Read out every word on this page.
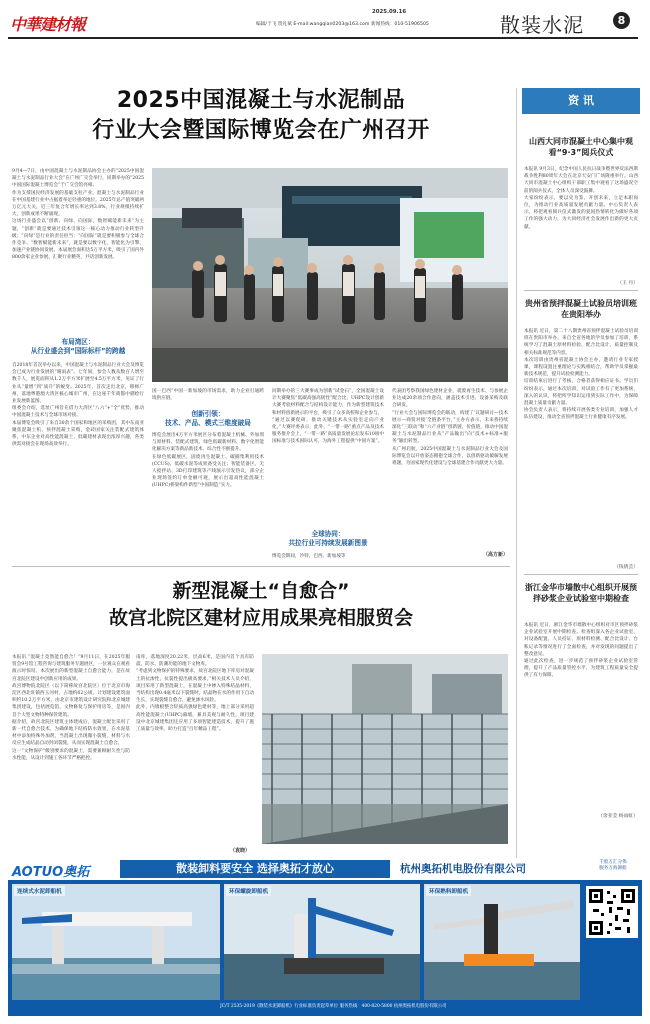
中華建材報
2025.09.16
编辑/于飞 贺礼斌 E-mail:wangqian0203@163.com 新闻热线：010-51906505	散装水泥	8
2025中国混凝土与水泥制品
行业大会暨国际博览会在广州召开
9月4—7日，由中国混凝土与水泥制品协会主办的“2025中国混凝土与水泥制品行业大会”在广州广交会举行，同期举办的“2025中国国际混凝土博览会”于广交会馆亮相。
作为支撑国民经济发展的基础支柱产业，混凝土与水泥制品行业在中国基建行业中占据着举足轻重的地位。2025年总产值突破两万亿元大关，近三年复合年增长率达到3.8%，行业规模持续扩大，创新成果不断涌现。
这场行业盛会以“创新、向绿、向国际，数智赋能新未来”为主题，“创新”就是要通过技术引领这一核心动力推动行业转型升级；“向绿”是行业的责任担当；“向国际”就是要积极参与全球合作竞争。“数智赋能新未来”，就是要以数字化、智能化为引擎，加速产业链协同发展。本届展会面积达5万平方米，吸引了国内外800余家企业参展，汇聚行业精英，共话创新发展。
布局湾区：
从行业盛会到“国际标杆”的跨越
自2018年首次举办以来，中国混凝土与水泥制品行业大会及博览会已成为行业发展的“晴雨表”。七年间，参会人数从数百人增至数千人，展览面积从1.2万平方米扩展至4.5万平方米，见证了行业从“量增”到“质升”的蜕变。2025年，首次走出北京，移师广州，落地粤港澳大湾区核心城市广州，在这座千年商都中描绘行业发展新蓝图。
组委会介绍，选址广州旨在借力大湾区“八六”+“全”优势，推动中国混凝土技术与全球市场对接。
本届博览会吸引了来自30余个国家和地区的采购团，其中东南亚聚焦混凝土机、预拌混凝土采购，金砖国家关注装配式建筑体系，中东企业对高性能混凝土、低碳建材表现出浓厚兴趣，各类供需对接会在现场高效举行。
国一巴西“中国一新加坡的市场需求，助力企业打通跨境供应链。
创新引领：
技术、产品、模式三维度破局
博览会展出4万平方米展区分布着混凝土机械、外加剂与原材料、装配式建筑、绿色低碳新材料、数字化智能化解决方案等新品新技术，综合性不断提升。
在绿色低碳展区，固废再生混凝土、碳捕集利用技术(CCUS)、低碳水泥等成果备受关注；智能装备区，无人搅拌站、3D打印建筑等产线演示引发热议，部分企业现场签约订单金额可观，展示出超高性能混凝土(UHPC)桥梁构件新型“中国制造”实力。
同期举办的三大赛事成为创新“试金石”，全国混凝土设计大赛聚焦“低碳高强高韧性”配合比，UHPC设计创新大赛考验材料配合与结构设计能力，作为新型建筑技术和材料创新展示的平台，吸引了众多高校和企业参与。
“通过以赛促研，推动关键技术从实验室走向产业化，”大赛评委表示，此外，“一带一路”重点产品及技术服务推介会上，“一带一路”高质量发展论坛发布10项中国标准与技术国际认可，为海外工程提供“中国方案”。
全球协同：
共拉行业可持续发展新图景
博览会期间，沙特、巴西、新加坡等
代表团考察我国绿色建材企业，就废再生技术、与参展企业达成20余项合作意向，涵盖技术引进、设备采购及联合研发。
“行业大会与国际博览会的联动，构建了‘议题研讨—技术展示—商贸对接’全链条平台，”主办方表示，未来将持续深化“三联动”和“六产业链”创新链、价值链，推动中国混凝土与水泥制品行业从“产品输出”向“技术+标准+服务”输出转型。
从广州启航，2025中国混凝土与水泥制品行业大会及国际博览会以开放姿态拥抱全球合作，以创新驱动破解发展难题，为国家现代化建设与全球基建合作贡献更大力量。
（高方新）
新型混凝土“自愈合”
故宫北院区建材应用成果亮相服贸会
本报讯 “混凝土竟然能自愈合！”9月11日，在2025年服贸会9号馆工程咨询与建筑服务专题展区，一位观众在观看演示时惊叹。本次展出的新型混凝土自愈合能力，是在故宫北院区建设中创新应用的成果。
故宫博物院北院区（以下简称故宫北院区）位于北京市海淀区西北旺镇西玉河村，占地约62公顷，计划建设建筑面积约10.2万平方米，由北京市建筑设计研究院和北京城建集团建设，包括展览馆、文物修复与保护用房等，是国内首个大型文物特种保管建筑。
据介绍，故宫北院区建筑主体建成后，混凝土配比采用了新一代自愈合技术，为确保地下结构防水效果，在水泥基材中添加特殊外加剂，当混凝土出现微小裂缝，材料与水反应生成结晶自动封闭裂缝，从而实现混凝土自愈合。
这一“文物保护”级别要求的混凝土，需要兼顾耐久性与防水性能，从设计到施工各环节严格把控。
南库，落地深度20.22米，层高6米，是国内首个具有防震、防水、防潮功能的地下文物库。
“考虑到文物保护的特殊要求，故宫北院区地下库房对混凝土的抗渗性、抗裂性提出极高要求。”相关技术人员介绍，项目采用了新型混凝土，在混凝土中掺入特殊结晶材料，当结构出现0.4毫米以下裂缝时，结晶物在水的作用下自动生长，实现裂缝自愈合，避免渗水风险。
此外，内墙板整合轻质高强绿色建材等，地上部分采用超高性能混凝土(UHPC)幕墙，兼具美观与耐久性。项目建设中北京城建集团还应用了多项智能建造技术，提升了施工质量与效率，助力打造“百年精品工程”。
（袁晓）
资 讯
山西大同市混凝土中心集中观看“9·3”阅兵仪式
本报讯 9月3日，纪念中国人民抗日战争暨世界反法西斯战争胜利80周年大会在北京天安门广场隆重举行。山西大同市混凝土中心组织干部职工集中观看了这场盛况空前的阅兵仪式，全体人员深受鼓舞。
大家纷纷表示，要以史为鉴、开创未来，立足本职岗位，为推动行业高质量发展贡献力量。中心负责人表示，将把观看阅兵仪式激发的爱国热情转化为做好各项工作的强大动力，为大同经济社会发展作出新的更大贡献。
（王 丹）
贵州省预拌混凝土试验员培训班在贵阳举办
本报讯 近日，第二十八期贵州省预拌混凝土试验员培训班在贵阳市举办。来自全省各地的学员参加了培训，系统学习了混凝土原材料检验、配合比设计、质量控制及相关标准规范等内容。
本次培训由贵州省混凝土协会主办，邀请行业专家授课，课程设置注重理论与实践相结合，帮助学员掌握最新技术规范，提升试验检测能力。
培训结束后进行了考核，合格者获得相应证书。学员们纷纷表示，通过本次培训，对试验工作有了更加系统、深入的认识，将把所学知识运用到实际工作中，为保障混凝土质量贡献力量。
协会负责人表示，将持续开展各类专业培训，加强人才队伍建设，推动全省预拌混凝土行业健康有序发展。
（钱倩芸）
浙江金华市墙散中心组织开展预拌砂浆企业试验室中期检查
本报讯 近日，浙江金华市墙散中心组织对市区预拌砂浆企业试验室开展中期检查。检查组深入各企业试验室，对设备配置、人员持证、原材料检测、配合比设计、台账记录等情况进行了全面检查，并对发现的问题提出了整改意见。
通过此次检查，进一步规范了预拌砂浆企业试验室管理，提升了产品质量管控水平，为建筑工程质量安全提供了有力保障。
（余亚莹 杨雨虹）
AOTUO奥拓	散装卸料要安全 选择奥拓才放心	杭州奥拓机电股份有限公司
千股万汇分佈
服务万海卸船
连续式水泥卸船机	环保螺旋卸船机	环保熟料卸船机
JC/T 2535-2019《散装水泥卸船机》行业标准负责起草单位 服务热线：400-820-5800 杭州奥拓机电股份有限公司
